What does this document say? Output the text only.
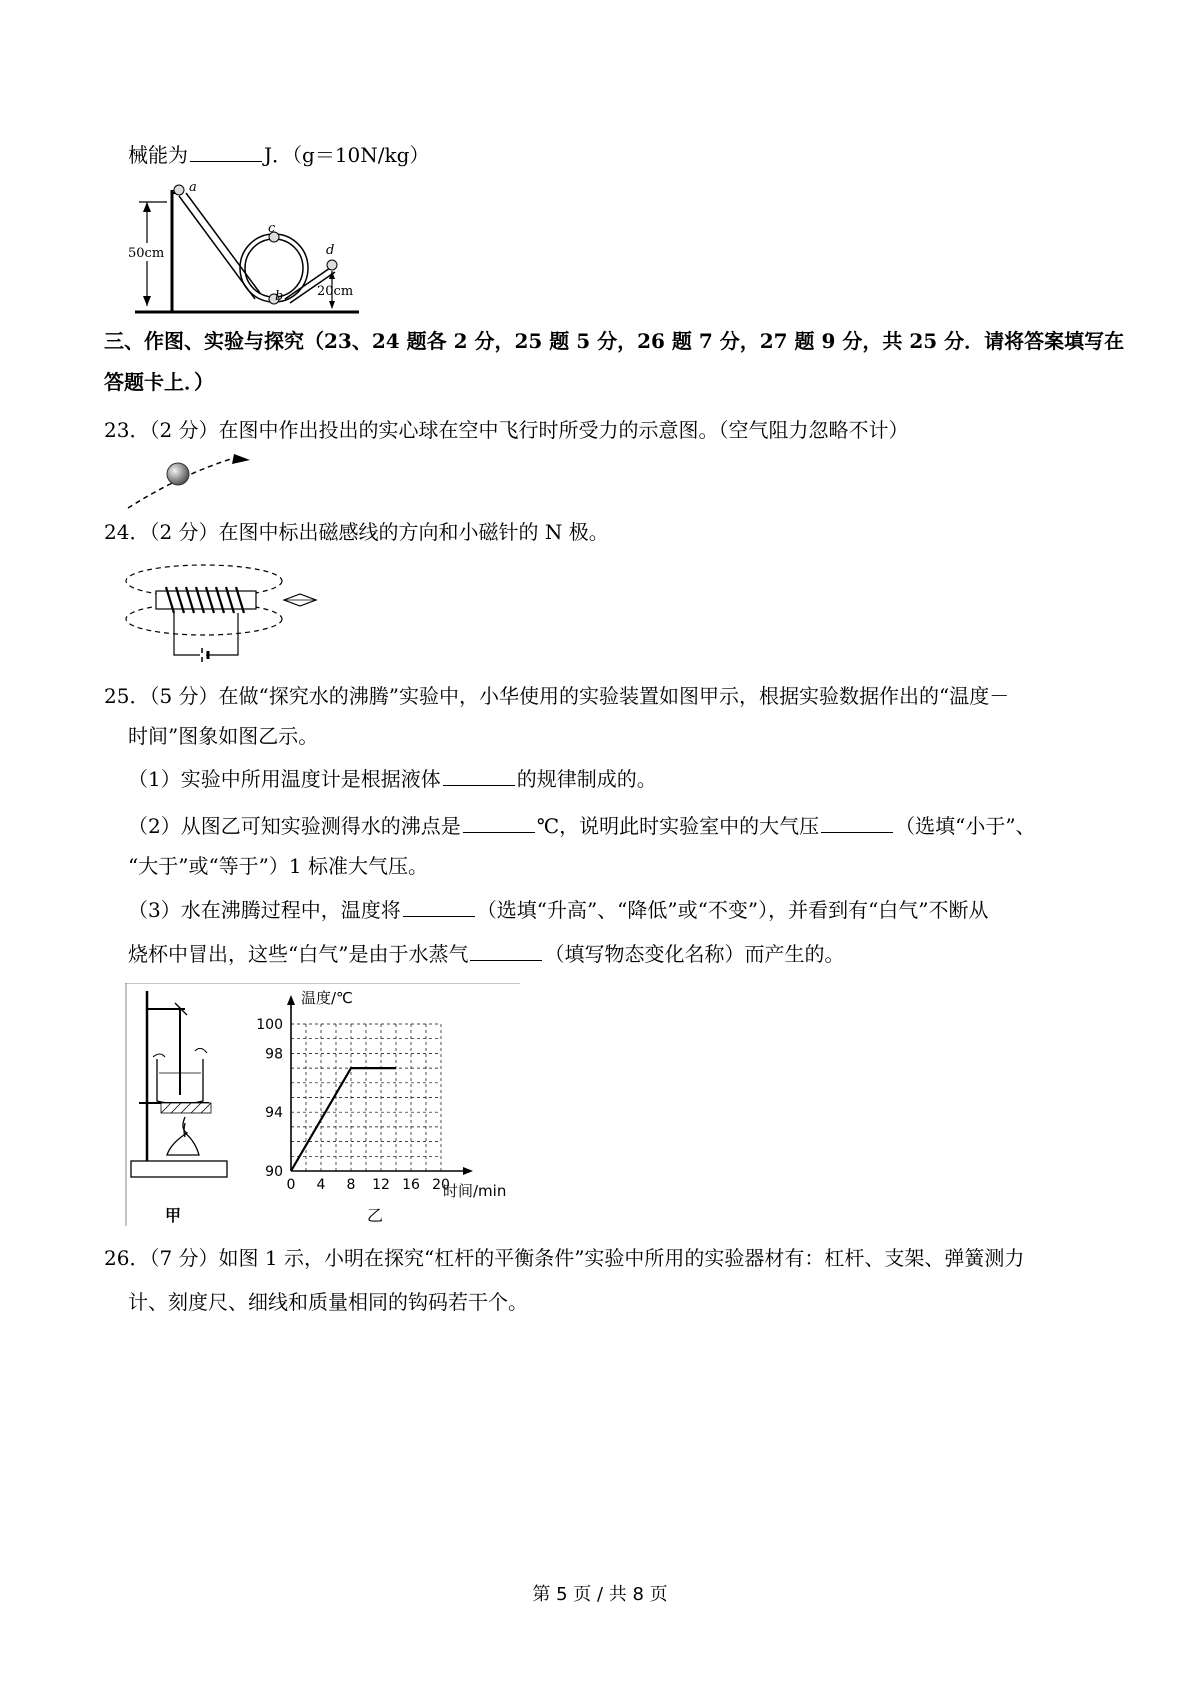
械能为	J．（g＝10N/kg）
a
b
c
d
50cm
20cm
三、作图、实验与探究（23、24 题各 2 分，25 题 5 分，26 题 7 分，27 题 9 分，共 25 分．请将答案填写在
答题卡上．）
23．（2 分）在图中作出投出的实心球在空中飞行时所受力的示意图。（空气阻力忽略不计）
24．（2 分）在图中标出磁感线的方向和小磁针的 N 极。
25．（5 分）在做“探究水的沸腾”实验中，小华使用的实验装置如图甲示，根据实验数据作出的“温度－
时间”图象如图乙示。
（1）实验中所用温度计是根据液体	的规律制成的。
（2）从图乙可知实验测得水的沸点是	℃，说明此时实验室中的大气压	（选填“小于”、
“大于”或“等于”）1 标准大气压。
（3）水在沸腾过程中，温度将	（选填“升高”、“降低”或“不变”），并看到有“白气”不断从
烧杯中冒出，这些“白气”是由于水蒸气	（填写物态变化名称）而产生的。
甲
温度/℃
时间/min
乙
0 4 8 12 16 20
90
94
98
100
26．（7 分）如图 1 示，小明在探究“杠杆的平衡条件”实验中所用的实验器材有：杠杆、支架、弹簧测力
计、刻度尺、细线和质量相同的钩码若干个。
第 5 页 / 共 8 页
